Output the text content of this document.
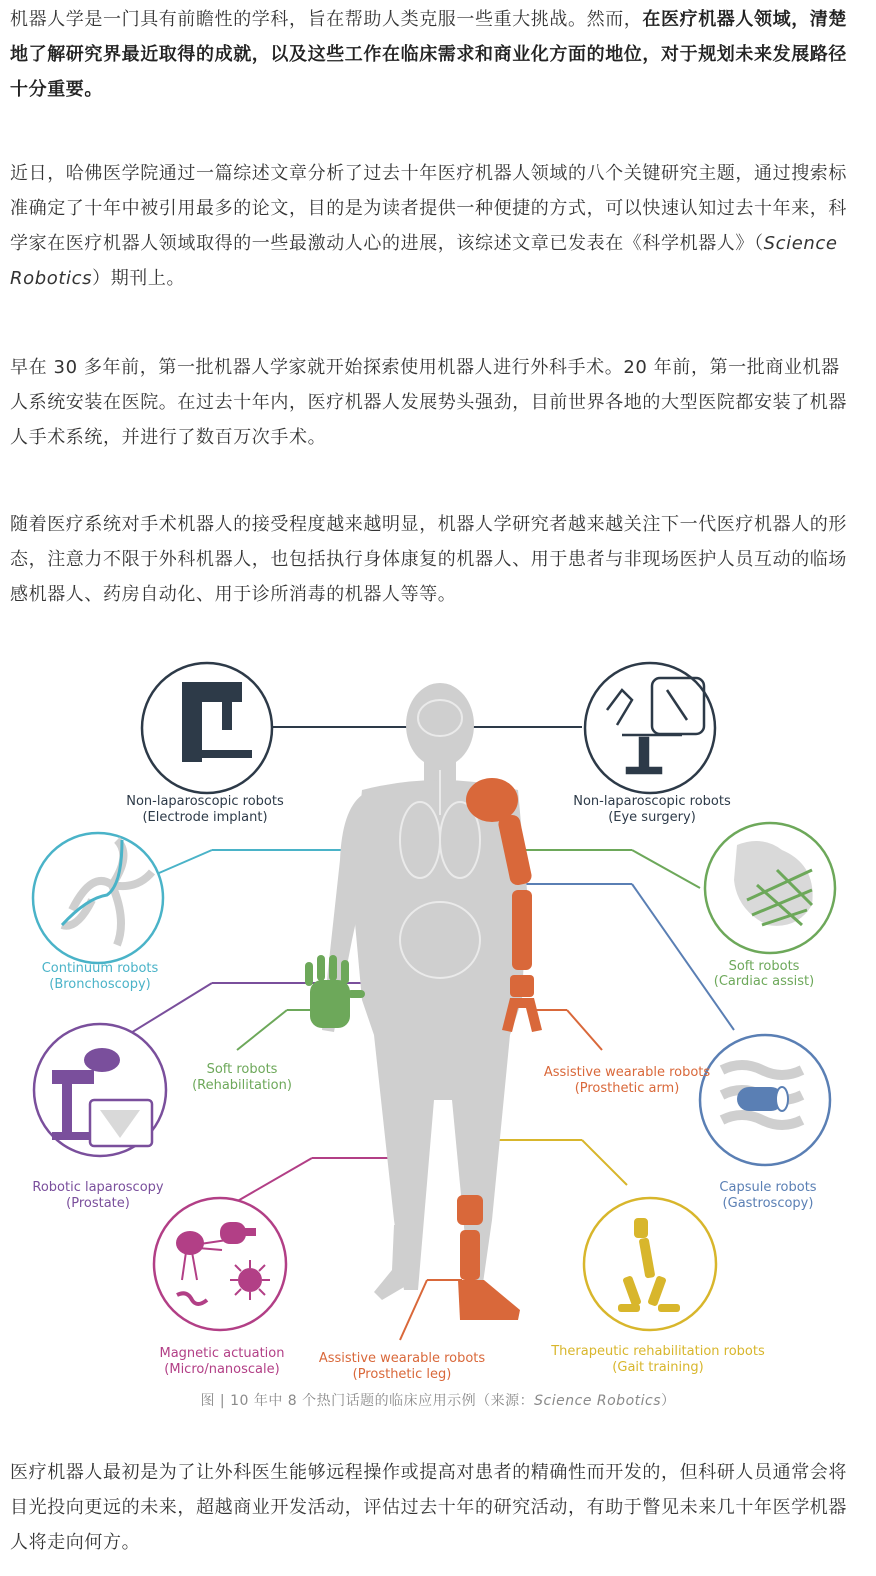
机器人学是一门具有前瞻性的学科，旨在帮助人类克服一些重大挑战。然而，在医疗机器人领域，清楚地了解研究界最近取得的成就，以及这些工作在临床需求和商业化方面的地位，对于规划未来发展路径十分重要。

近日，哈佛医学院通过一篇综述文章分析了过去十年医疗机器人领域的八个关键研究主题，通过搜索标准确定了十年中被引用最多的论文，目的是为读者提供一种便捷的方式，可以快速认知过去十年来，科学家在医疗机器人领域取得的一些最激动人心的进展，该综述文章已发表在《科学机器人》（Science Robotics）期刊上。

早在 30 多年前，第一批机器人学家就开始探索使用机器人进行外科手术。20 年前，第一批商业机器人系统安装在医院。在过去十年内，医疗机器人发展势头强劲，目前世界各地的大型医院都安装了机器人手术系统，并进行了数百万次手术。

随着医疗系统对手术机器人的接受程度越来越明显，机器人学研究者越来越关注下一代医疗机器人的形态，注意力不限于外科机器人，也包括执行身体康复的机器人、用于患者与非现场医护人员互动的临场感机器人、药房自动化、用于诊所消毒的机器人等等。

Non-laparoscopic robots
(Electrode implant)
Non-laparoscopic robots
(Eye surgery)
Continuum robots
(Bronchoscopy)
Soft robots
(Cardiac assist)
Soft robots
(Rehabilitation)
Assistive wearable robots
(Prosthetic arm)
Robotic laparoscopy
(Prostate)
Capsule robots
(Gastroscopy)
Magnetic actuation
(Micro/nanoscale)
Assistive wearable robots
(Prosthetic leg)
Therapeutic rehabilitation robots
(Gait training)
图 | 10 年中 8 个热门话题的临床应用示例（来源：Science Robotics）

医疗机器人最初是为了让外科医生能够远程操作或提高对患者的精确性而开发的，但科研人员通常会将目光投向更远的未来，超越商业开发活动，评估过去十年的研究活动，有助于瞥见未来几十年医学机器人将走向何方。
